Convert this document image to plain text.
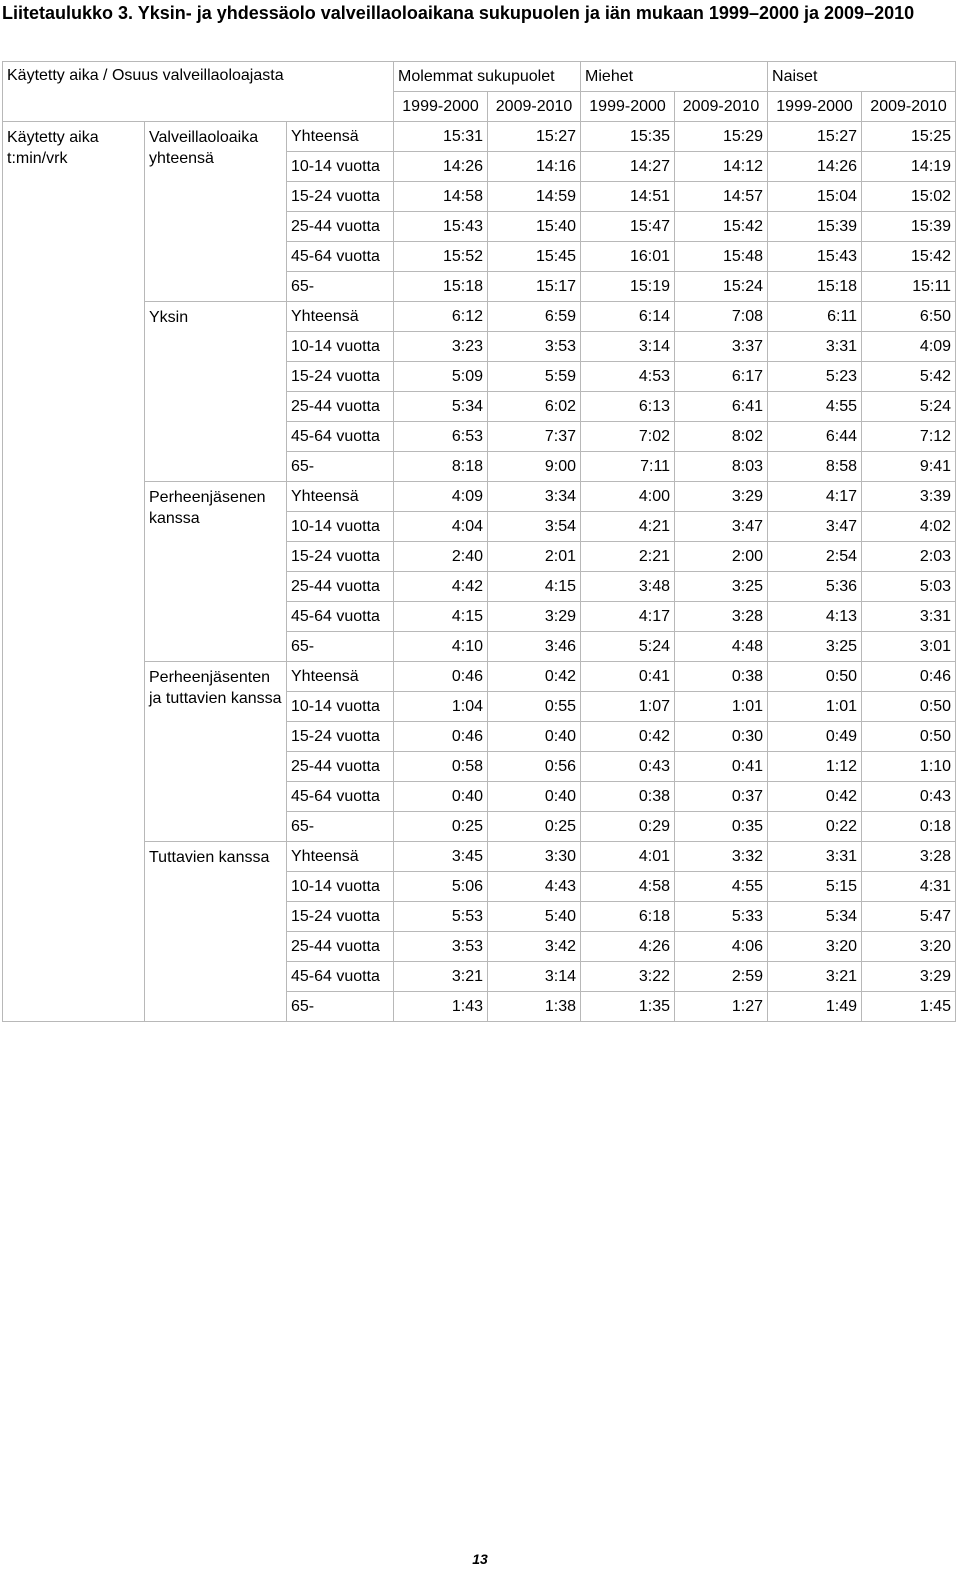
Liitetaulukko 3. Yksin- ja yhdessäolo valveillaoloaikana sukupuolen ja iän mukaan 1999–2000 ja 2009–2010
Käytetty aika / Osuus valveillaoloajasta			Molemmat sukupuolet		Miehet		Naiset	
			1999-2000	2009-2010	1999-2000	2009-2010	1999-2000	2009-2010
Käytetty aika t:min/vrk	Valveillaoloaika yhteensä	Yhteensä	15:31	15:27	15:35	15:29	15:27	15:25
		10-14 vuotta	14:26	14:16	14:27	14:12	14:26	14:19
		15-24 vuotta	14:58	14:59	14:51	14:57	15:04	15:02
		25-44 vuotta	15:43	15:40	15:47	15:42	15:39	15:39
		45-64 vuotta	15:52	15:45	16:01	15:48	15:43	15:42
		65-	15:18	15:17	15:19	15:24	15:18	15:11
	Yksin	Yhteensä	6:12	6:59	6:14	7:08	6:11	6:50
		10-14 vuotta	3:23	3:53	3:14	3:37	3:31	4:09
		15-24 vuotta	5:09	5:59	4:53	6:17	5:23	5:42
		25-44 vuotta	5:34	6:02	6:13	6:41	4:55	5:24
		45-64 vuotta	6:53	7:37	7:02	8:02	6:44	7:12
		65-	8:18	9:00	7:11	8:03	8:58	9:41
	Perheenjäsenen kanssa	Yhteensä	4:09	3:34	4:00	3:29	4:17	3:39
		10-14 vuotta	4:04	3:54	4:21	3:47	3:47	4:02
		15-24 vuotta	2:40	2:01	2:21	2:00	2:54	2:03
		25-44 vuotta	4:42	4:15	3:48	3:25	5:36	5:03
		45-64 vuotta	4:15	3:29	4:17	3:28	4:13	3:31
		65-	4:10	3:46	5:24	4:48	3:25	3:01
	Perheenjäsenten ja tuttavien kanssa	Yhteensä	0:46	0:42	0:41	0:38	0:50	0:46
		10-14 vuotta	1:04	0:55	1:07	1:01	1:01	0:50
		15-24 vuotta	0:46	0:40	0:42	0:30	0:49	0:50
		25-44 vuotta	0:58	0:56	0:43	0:41	1:12	1:10
		45-64 vuotta	0:40	0:40	0:38	0:37	0:42	0:43
		65-	0:25	0:25	0:29	0:35	0:22	0:18
	Tuttavien kanssa	Yhteensä	3:45	3:30	4:01	3:32	3:31	3:28
		10-14 vuotta	5:06	4:43	4:58	4:55	5:15	4:31
		15-24 vuotta	5:53	5:40	6:18	5:33	5:34	5:47
		25-44 vuotta	3:53	3:42	4:26	4:06	3:20	3:20
		45-64 vuotta	3:21	3:14	3:22	2:59	3:21	3:29
		65-	1:43	1:38	1:35	1:27	1:49	1:45
13
